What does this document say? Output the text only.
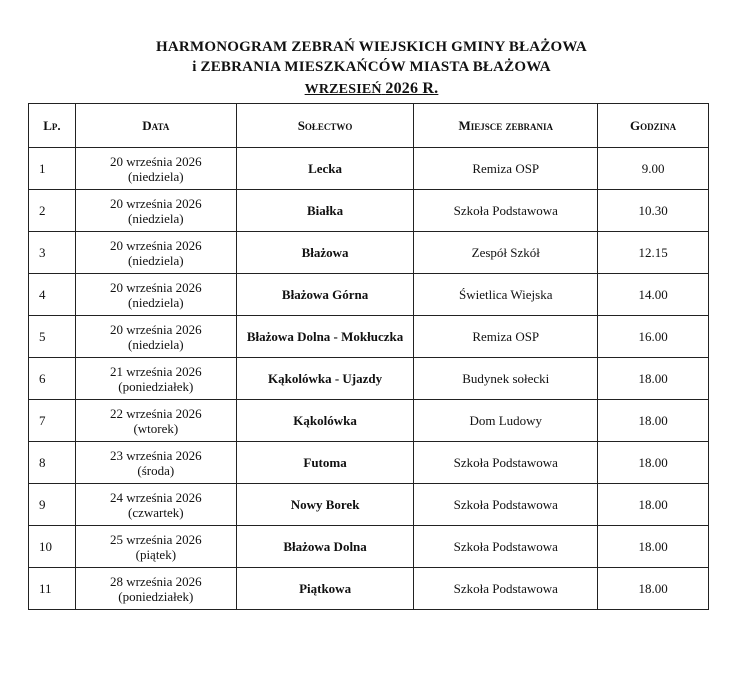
HARMONOGRAM ZEBRAŃ WIEJSKICH GMINY BŁAŻOWA
i ZEBRANIA MIESZKAŃCÓW MIASTA BŁAŻOWA
WRZESIEŃ 2026 R.
Lp.	Data	Sołectwo	Miejsce zebrania	Godzina

1	20 września 2026
(niedziela)	Lecka	Remiza OSP	9.00

2	20 września 2026
(niedziela)	Białka	Szkoła Podstawowa	10.30

3	20 września 2026
(niedziela)	Błażowa	Zespół Szkół	12.15

4	20 września 2026
(niedziela)	Błażowa Górna	Świetlica Wiejska	14.00

5	20 września 2026
(niedziela)	Błażowa Dolna - Mokłuczka	Remiza OSP	16.00

6	21 września 2026
(poniedziałek)	Kąkolówka - Ujazdy	Budynek sołecki	18.00

7	22 września 2026
(wtorek)	Kąkolówka	Dom Ludowy	18.00

8	23 września 2026
(środa)	Futoma	Szkoła Podstawowa	18.00

9	24 września 2026
(czwartek)	Nowy Borek	Szkoła Podstawowa	18.00

10	25 września 2026
(piątek)	Błażowa Dolna	Szkoła Podstawowa	18.00

11	28 września 2026
(poniedziałek)	Piątkowa	Szkoła Podstawowa	18.00
